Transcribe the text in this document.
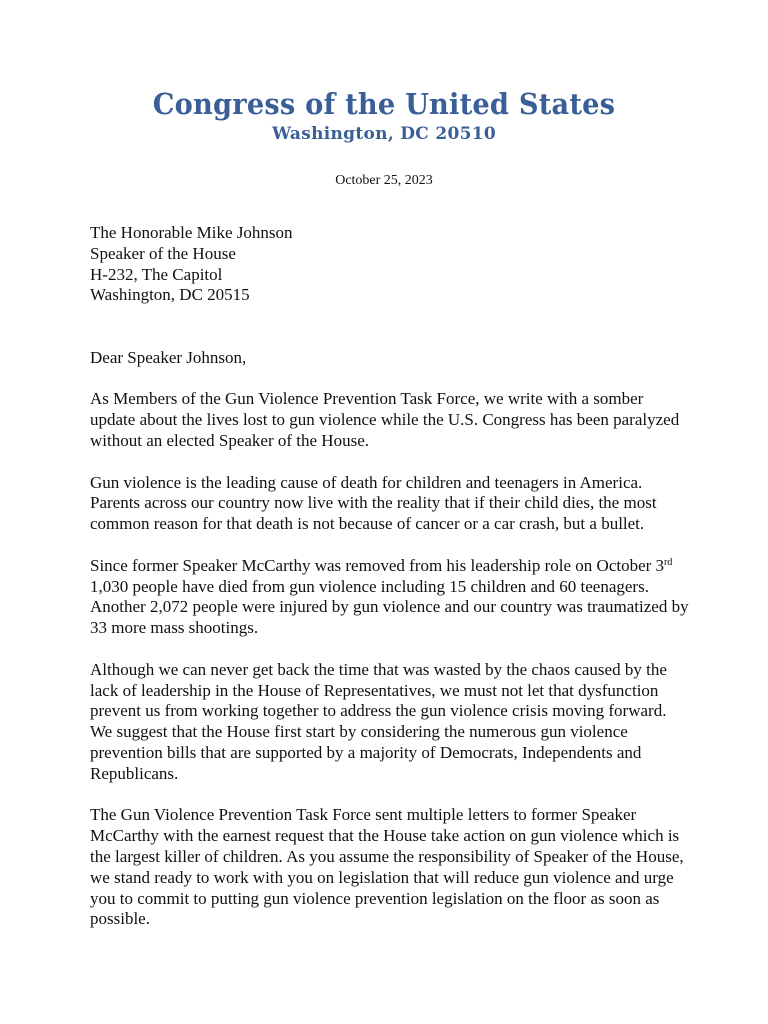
Congress of the United States
Washington, DC 20510
October 25, 2023
The Honorable Mike Johnson
Speaker of the House
H-232, The Capitol
Washington, DC 20515

Dear Speaker Johnson,

As Members of the Gun Violence Prevention Task Force, we write with a somber update about the lives lost to gun violence while the U.S. Congress has been paralyzed without an elected Speaker of the House.

Gun violence is the leading cause of death for children and teenagers in America. Parents across our country now live with the reality that if their child dies, the most common reason for that death is not because of cancer or a car crash, but a bullet.

Since former Speaker McCarthy was removed from his leadership role on October 3rd 1,030 people have died from gun violence including 15 children and 60 teenagers. Another 2,072 people were injured by gun violence and our country was traumatized by 33 more mass shootings.

Although we can never get back the time that was wasted by the chaos caused by the lack of leadership in the House of Representatives, we must not let that dysfunction prevent us from working together to address the gun violence crisis moving forward. We suggest that the House first start by considering the numerous gun violence prevention bills that are supported by a majority of Democrats, Independents and Republicans.

The Gun Violence Prevention Task Force sent multiple letters to former Speaker McCarthy with the earnest request that the House take action on gun violence which is the largest killer of children. As you assume the responsibility of Speaker of the House, we stand ready to work with you on legislation that will reduce gun violence and urge you to commit to putting gun violence prevention legislation on the floor as soon as possible.
